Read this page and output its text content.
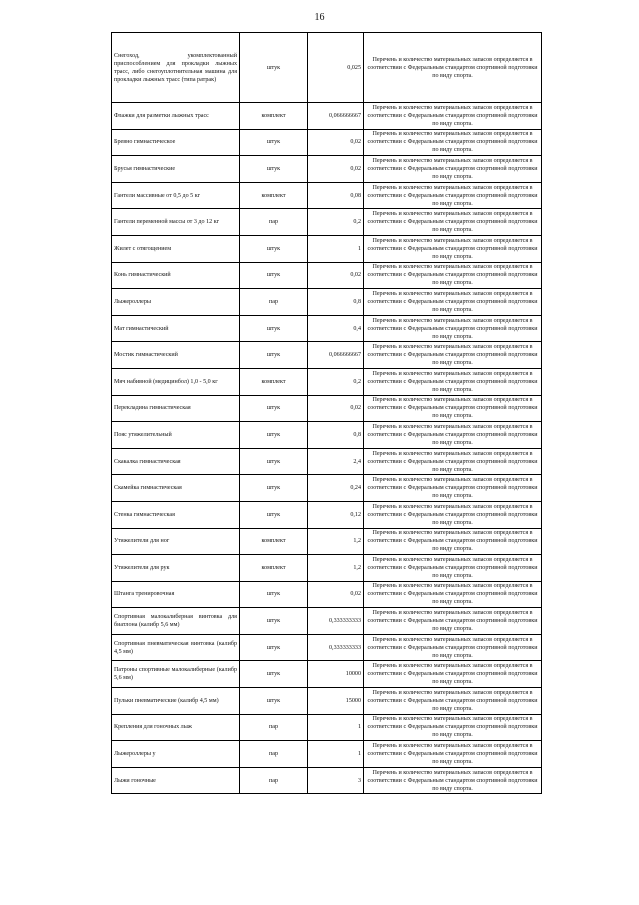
16
Снегоход, укомплектованный приспособлением для прокладки лыжных трасс, либо снегоуплотнительная машина для прокладки лыжных трасс (типа ратрак)	штук	0,025	Перечень и количество материальных запасов определяется в соответствии с Федеральным стандартом спортивной подготовки по виду спорта.
Флажки для разметки лыжных трасс	комплект	0,066666667	Перечень и количество материальных запасов определяется в соответствии с Федеральным стандартом спортивной подготовки по виду спорта.
Бревно гимнастическое	штук	0,02	Перечень и количество материальных запасов определяется в соответствии с Федеральным стандартом спортивной подготовки по виду спорта.
Брусья гимнастические	штук	0,02	Перечень и количество материальных запасов определяется в соответствии с Федеральным стандартом спортивной подготовки по виду спорта.
Гантели массивные от 0,5 до 5 кг	комплект	0,08	Перечень и количество материальных запасов определяется в соответствии с Федеральным стандартом спортивной подготовки по виду спорта.
Гантели переменной массы от 3 до 12 кг	пар	0,2	Перечень и количество материальных запасов определяется в соответствии с Федеральным стандартом спортивной подготовки по виду спорта.
Жилет с отягощением	штук	1	Перечень и количество материальных запасов определяется в соответствии с Федеральным стандартом спортивной подготовки по виду спорта.
Конь гимнастический	штук	0,02	Перечень и количество материальных запасов определяется в соответствии с Федеральным стандартом спортивной подготовки по виду спорта.
Лыжероллеры	пар	0,8	Перечень и количество материальных запасов определяется в соответствии с Федеральным стандартом спортивной подготовки по виду спорта.
Мат гимнастический	штук	0,4	Перечень и количество материальных запасов определяется в соответствии с Федеральным стандартом спортивной подготовки по виду спорта.
Мостик гимнастический	штук	0,066666667	Перечень и количество материальных запасов определяется в соответствии с Федеральным стандартом спортивной подготовки по виду спорта.
Мяч набивной (медицинбол) 1,0 - 5,0 кг	комплект	0,2	Перечень и количество материальных запасов определяется в соответствии с Федеральным стандартом спортивной подготовки по виду спорта.
Перекладина гимнастическая	штук	0,02	Перечень и количество материальных запасов определяется в соответствии с Федеральным стандартом спортивной подготовки по виду спорта.
Пояс утяжелительный	штук	0,8	Перечень и количество материальных запасов определяется в соответствии с Федеральным стандартом спортивной подготовки по виду спорта.
Скакалка гимнастическая	штук	2,4	Перечень и количество материальных запасов определяется в соответствии с Федеральным стандартом спортивной подготовки по виду спорта.
Скамейка гимнастическая	штук	0,24	Перечень и количество материальных запасов определяется в соответствии с Федеральным стандартом спортивной подготовки по виду спорта.
Стенка гимнастическая	штук	0,12	Перечень и количество материальных запасов определяется в соответствии с Федеральным стандартом спортивной подготовки по виду спорта.
Утяжелители для ног	комплект	1,2	Перечень и количество материальных запасов определяется в соответствии с Федеральным стандартом спортивной подготовки по виду спорта.
Утяжелители для рук	комплект	1,2	Перечень и количество материальных запасов определяется в соответствии с Федеральным стандартом спортивной подготовки по виду спорта.
Штанга тренировочная	штук	0,02	Перечень и количество материальных запасов определяется в соответствии с Федеральным стандартом спортивной подготовки по виду спорта.
Спортивная малокалиберная винтовка для биатлона (калибр 5,6 мм)	штук	0,333333333	Перечень и количество материальных запасов определяется в соответствии с Федеральным стандартом спортивной подготовки по виду спорта.
Спортивная пневматическая винтовка (калибр 4,5 мм)	штук	0,333333333	Перечень и количество материальных запасов определяется в соответствии с Федеральным стандартом спортивной подготовки по виду спорта.
Патроны спортивные малокалиберные (калибр 5,6 мм)	штук	10000	Перечень и количество материальных запасов определяется в соответствии с Федеральным стандартом спортивной подготовки по виду спорта.
Пульки пневматические (калибр 4,5 мм)	штук	15000	Перечень и количество материальных запасов определяется в соответствии с Федеральным стандартом спортивной подготовки по виду спорта.
Крепления для гоночных лыж	пар	1	Перечень и количество материальных запасов определяется в соответствии с Федеральным стандартом спортивной подготовки по виду спорта.
Лыжероллеры у	пар	1	Перечень и количество материальных запасов определяется в соответствии с Федеральным стандартом спортивной подготовки по виду спорта.
Лыжи гоночные	пар	3	Перечень и количество материальных запасов определяется в соответствии с Федеральным стандартом спортивной подготовки по виду спорта.
